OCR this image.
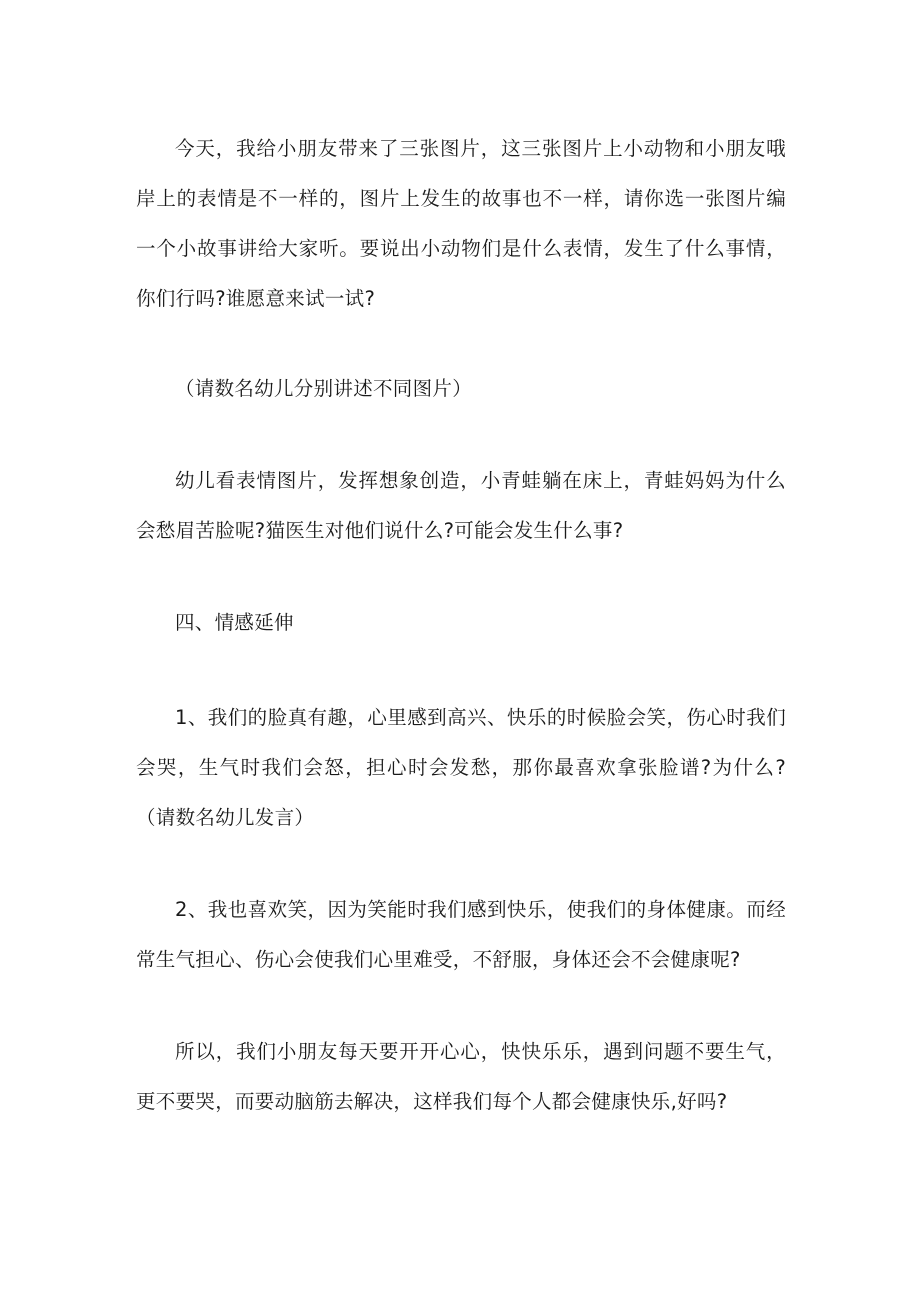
今天，我给小朋友带来了三张图片，这三张图片上小动物和小朋友哦岸上的表情是不一样的，图片上发生的故事也不一样，请你选一张图片编一个小故事讲给大家听。要说出小动物们是什么表情，发生了什么事情，你们行吗?谁愿意来试一试?

（请数名幼儿分别讲述不同图片）

幼儿看表情图片，发挥想象创造，小青蛙躺在床上，青蛙妈妈为什么会愁眉苦脸呢?猫医生对他们说什么?可能会发生什么事?

四、情感延伸

1、我们的脸真有趣，心里感到高兴、快乐的时候脸会笑，伤心时我们会哭，生气时我们会怒，担心时会发愁，那你最喜欢拿张脸谱?为什么?（请数名幼儿发言）

2、我也喜欢笑，因为笑能时我们感到快乐，使我们的身体健康。而经常生气担心、伤心会使我们心里难受，不舒服，身体还会不会健康呢?

所以，我们小朋友每天要开开心心，快快乐乐，遇到问题不要生气，更不要哭，而要动脑筋去解决，这样我们每个人都会健康快乐,好吗?
